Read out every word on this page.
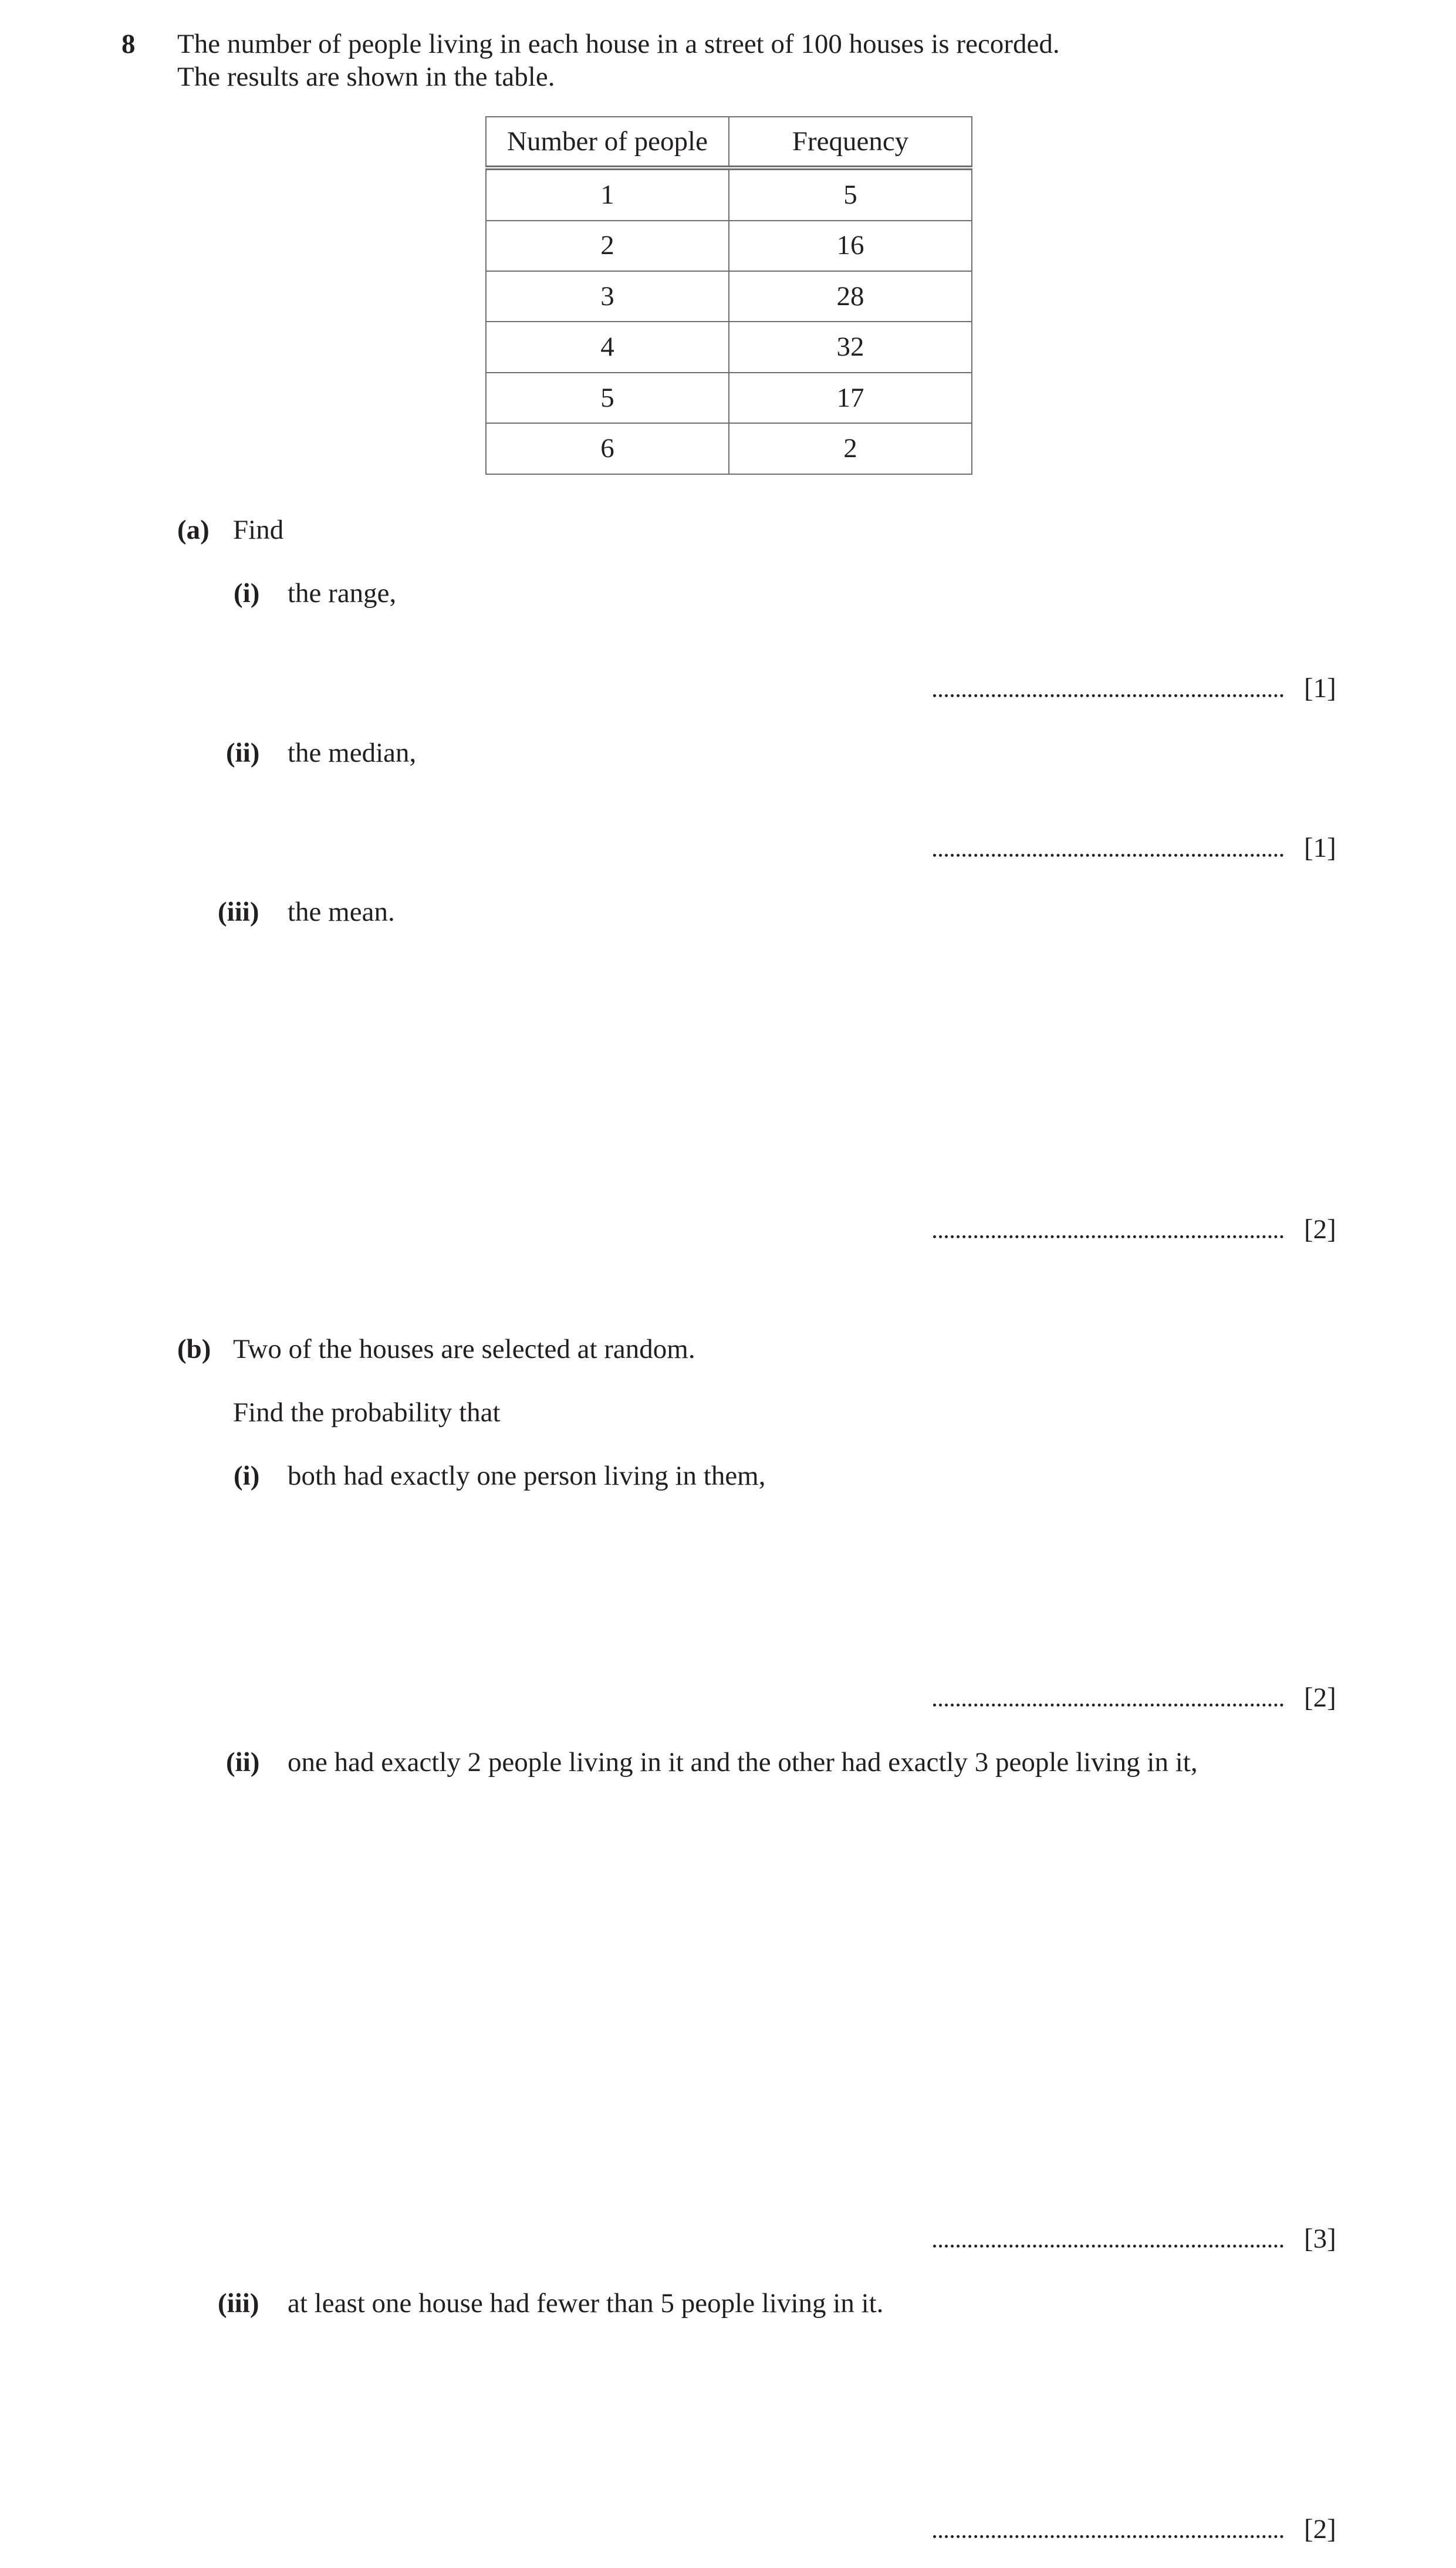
8 The number of people living in each house in a street of 100 houses is recorded.
The results are shown in the table.
Number of people	Frequency
1	5
2	16
3	28
4	32
5	17
6	2
(a) Find
(i) the range,
[1]
(ii) the median,
[1]
(iii) the mean.
[2]
(b) Two of the houses are selected at random.
Find the probability that
(i) both had exactly one person living in them,
[2]
(ii) one had exactly 2 people living in it and the other had exactly 3 people living in it,
[3]
(iii) at least one house had fewer than 5 people living in it.
[2]
